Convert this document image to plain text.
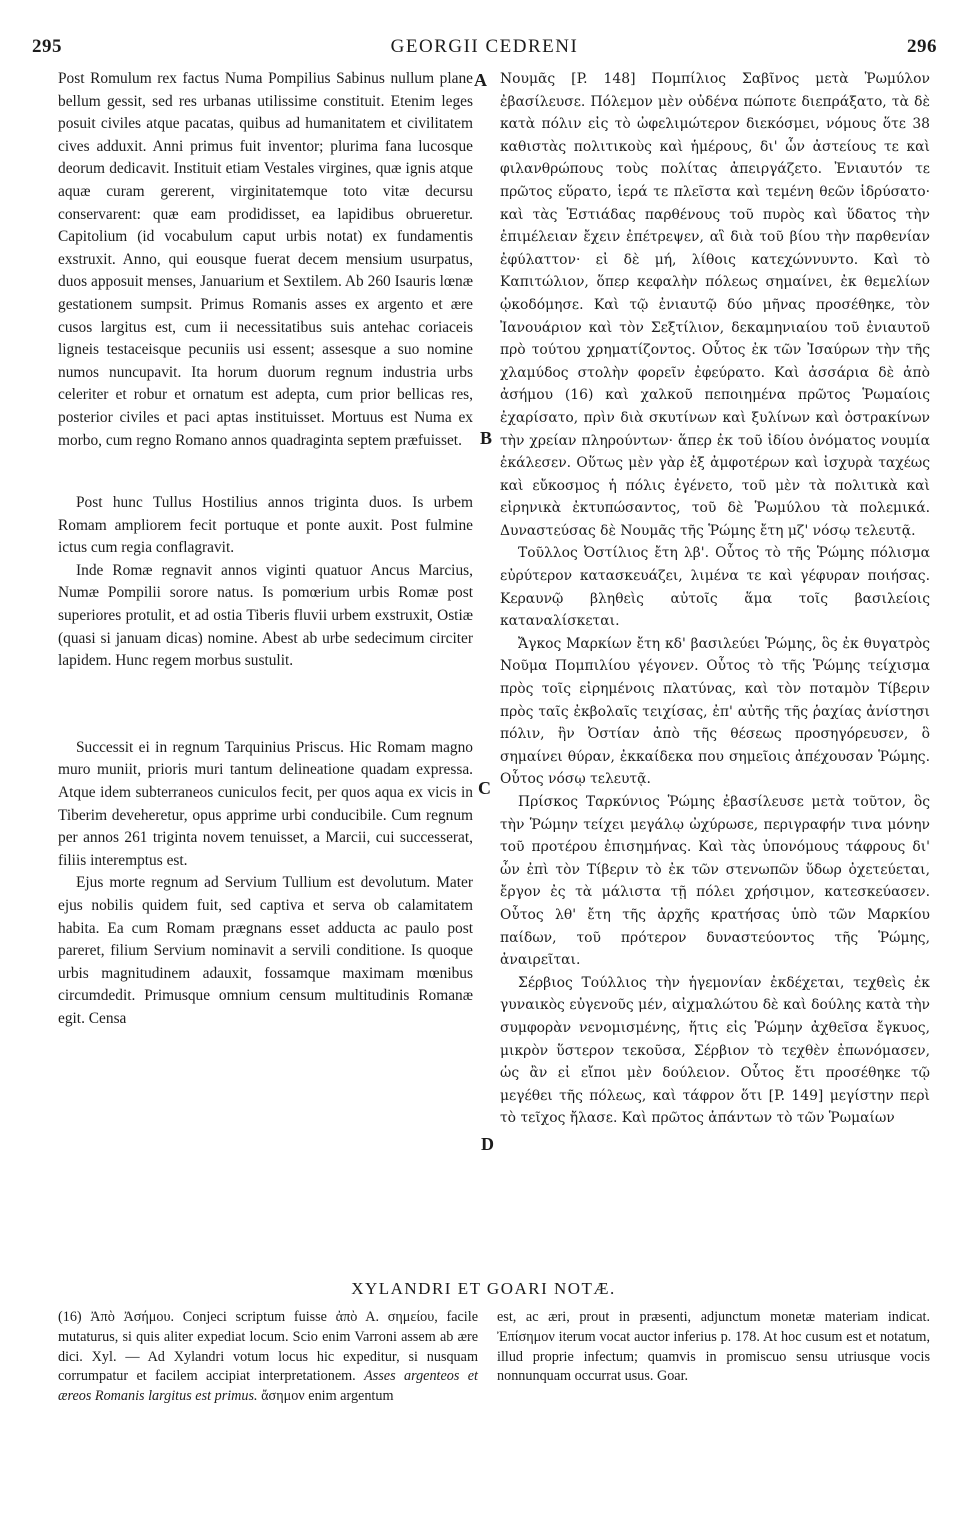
295	GEORGII CEDRENI	296
A
B
C
D

Post Romulum rex factus Numa Pompilius Sabinus nullum plane bellum gessit, sed res urbanas utilissime constituit. Etenim leges posuit civiles atque pacatas, quibus ad humanitatem et civilitatem cives adduxit. Anni primus fuit inventor; plurima fana lucosque deorum dedicavit. Instituit etiam Vestales virgines, quæ ignis atque aquæ curam gererent, virginitatemque toto vitæ decursu conservarent: quæ eam prodidisset, ea lapidibus obrueretur. Capitolium (id vocabulum caput urbis notat) ex fundamentis exstruxit. Anno, qui eousque fuerat decem mensium usurpatus, duos apposuit menses, Januarium et Sextilem. Ab 260 Isauris lœnæ gestationem sumpsit. Primus Romanis asses ex argento et ære cusos largitus est, cum ii necessitatibus suis antehac coriaceis ligneis testaceisque pecuniis usi essent; assesque a suo nomine numos nuncupavit. Ita horum duorum regnum industria urbs celeriter et robur et ornatum est adepta, cum prior bellicas res, posterior civiles et paci aptas instituisset. Mortuus est Numa ex morbo, cum regno Romano annos quadraginta septem præfuisset.

Post hunc Tullus Hostilius annos triginta duos. Is urbem Romam ampliorem fecit portuque et ponte auxit. Post fulmine ictus cum regia conflagravit.

Inde Romæ regnavit annos viginti quatuor Ancus Marcius, Numæ Pompilii sorore natus. Is pomœrium urbis Romæ post superiores protulit, et ad ostia Tiberis fluvii urbem exstruxit, Ostiæ (quasi si januam dicas) nomine. Abest ab urbe sedecimum circiter lapidem. Hunc regem morbus sustulit.

Successit ei in regnum Tarquinius Priscus. Hic Romam magno muro muniit, prioris muri tantum delineatione quadam expressa. Atque idem subterraneos cuniculos fecit, per quos aqua ex vicis in Tiberim deveheretur, opus apprime urbi conducibile. Cum regnum per annos 261 triginta novem tenuisset, a Marcii, cui successerat, filiis interemptus est.

Ejus morte regnum ad Servium Tullium est devolutum. Mater ejus nobilis quidem fuit, sed captiva et serva ob calamitatem habita. Ea cum Romam prægnans esset adducta ac paulo post pareret, filium Servium nominavit a servili conditione. Is quoque urbis magnitudinem adauxit, fossamque maximam mœnibus circumdedit. Primusque omnium censum multitudinis Romanæ egit. Censa

Νουμᾶς [P. 148] Πομπίλιος Σαβῖνος μετὰ Ῥωμύλον ἐβασίλευσε. Πόλεμον μὲν οὐδένα πώποτε διεπράξατο, τὰ δὲ κατὰ πόλιν εἰς τὸ ὠφελιμώτερον διεκόσμει, νόμους ὅτε 38 καθιστὰς πολιτικοὺς καὶ ἡμέρους, δι' ὧν ἀστείους τε καὶ φιλανθρώπους τοὺς πολίτας ἀπειργάζετο. Ἐνιαυτόν τε πρῶτος εὕρατο, ἱερά τε πλεῖστα καὶ τεμένη θεῶν ἱδρύσατο· καὶ τὰς Ἑστιάδας παρθένους τοῦ πυρὸς καὶ ὕδατος τὴν ἐπιμέλειαν ἔχειν ἐπέτρεψεν, αἳ διὰ τοῦ βίου τὴν παρθενίαν ἐφύλαττον· εἰ δὲ μή, λίθοις κατεχώννυντο. Καὶ τὸ Καπιτώλιον, ὅπερ κεφαλὴν πόλεως σημαίνει, ἐκ θεμελίων ᾠκοδόμησε. Καὶ τῷ ἐνιαυτῷ δύο μῆνας προσέθηκε, τὸν Ἰανουάριον καὶ τὸν Σεξτίλιον, δεκαμηνιαίου τοῦ ἐνιαυτοῦ πρὸ τούτου χρηματίζοντος. Οὗτος ἐκ τῶν Ἰσαύρων τὴν τῆς χλαμύδος στολὴν φορεῖν ἐφεύρατο. Καὶ ἀσσάρια δὲ ἀπὸ ἀσήμου (16) καὶ χαλκοῦ πεποιημένα πρῶτος Ῥωμαίοις ἐχαρίσατο, πρὶν διὰ σκυτίνων καὶ ξυλίνων καὶ ὀστρακίνων τὴν χρείαν πληρούντων· ἅπερ ἐκ τοῦ ἰδίου ὀνόματος νουμία ἐκάλεσεν. Οὕτως μὲν γὰρ ἐξ ἀμφοτέρων καὶ ἰσχυρὰ ταχέως καὶ εὔκοσμος ἡ πόλις ἐγένετο, τοῦ μὲν τὰ πολιτικὰ καὶ εἰρηνικὰ ἐκτυπώσαντος, τοῦ δὲ Ῥωμύλου τὰ πολεμικά. Δυναστεύσας δὲ Νουμᾶς τῆς Ῥώμης ἔτη μζ' νόσῳ τελευτᾷ.

Τοῦλλος Ὀστίλιος ἔτη λβ'. Οὗτος τὸ τῆς Ῥώμης πόλισμα εὐρύτερον κατασκευάζει, λιμένα τε καὶ γέφυραν ποιήσας. Κεραυνῷ βληθεὶς αὐτοῖς ἅμα τοῖς βασιλείοις καταναλίσκεται.

Ἄγκος Μαρκίων ἔτη κδ' βασιλεύει Ῥώμης, ὃς ἐκ θυγατρὸς Νοῦμα Πομπιλίου γέγονεν. Οὗτος τὸ τῆς Ῥώμης τείχισμα πρὸς τοῖς εἰρημένοις πλατύνας, καὶ τὸν ποταμὸν Τίβεριν πρὸς ταῖς ἐκβολαῖς τειχίσας, ἐπ' αὐτῆς τῆς ῥαχίας ἀνίστησι πόλιν, ἣν Ὀστίαν ἀπὸ τῆς θέσεως προσηγόρευσεν, ὃ σημαίνει θύραν, ἐκκαίδεκα που σημεῖοις ἀπέχουσαν Ῥώμης. Οὗτος νόσῳ τελευτᾷ.

Πρίσκος Ταρκύνιος Ῥώμης ἐβασίλευσε μετὰ τοῦτον, ὃς τὴν Ῥώμην τείχει μεγάλῳ ὠχύρωσε, περιγραφήν τινα μόνην τοῦ προτέρου ἐπισημήνας. Καὶ τὰς ὑπονόμους τάφρους δι' ὧν ἐπὶ τὸν Τίβεριν τὸ ἐκ τῶν στενωπῶν ὕδωρ ὀχετεύεται, ἔργον ἐς τὰ μάλιστα τῇ πόλει χρήσιμον, κατεσκεύασεν. Οὗτος λθ' ἔτη τῆς ἀρχῆς κρατήσας ὑπὸ τῶν Μαρκίου παίδων, τοῦ πρότερον δυναστεύοντος τῆς Ῥώμης, ἀναιρεῖται.

Σέρβιος Τούλλιος τὴν ἡγεμονίαν ἐκδέχεται, τεχθεὶς ἐκ γυναικὸς εὐγενοῦς μέν, αἰχμαλώτου δὲ καὶ δούλης κατὰ τὴν συμφορὰν νενομισμένης, ἥτις εἰς Ῥώμην ἀχθεῖσα ἔγκυος, μικρὸν ὕστερον τεκοῦσα, Σέρβιον τὸ τεχθὲν ἐπωνόμασεν, ὡς ἂν εἰ εἴποι μὲν δούλειον. Οὗτος ἔτι προσέθηκε τῷ μεγέθει τῆς πόλεως, καὶ τάφρον ὅτι [P. 149] μεγίστην περὶ τὸ τεῖχος ἤλασε. Καὶ πρῶτος ἁπάντων τὸ τῶν Ῥωμαίων

XYLANDRI ET GOARI NOTÆ.

(16) Ἀπὸ Ἀσήμου. Conjeci scriptum fuisse ἀπὸ Α. σημείου, facile mutaturus, si quis aliter expediat locum. Scio enim Varroni assem ab ære dici. Xyl. — Ad Xylandri votum locus hic expeditur, si nusquam corrumpatur et facilem accipiat interpretationem. Asses argenteos et æreos Romanis largitus est primus. ἄσημον enim argentum

est, ac æri, prout in præsenti, adjunctum monetæ materiam indicat. Ἐπίσημον iterum vocat auctor inferius p. 178. At hoc cusum est et notatum, illud proprie infectum; quamvis in promiscuo sensu utriusque vocis nonnunquam occurrat usus. Goar.
